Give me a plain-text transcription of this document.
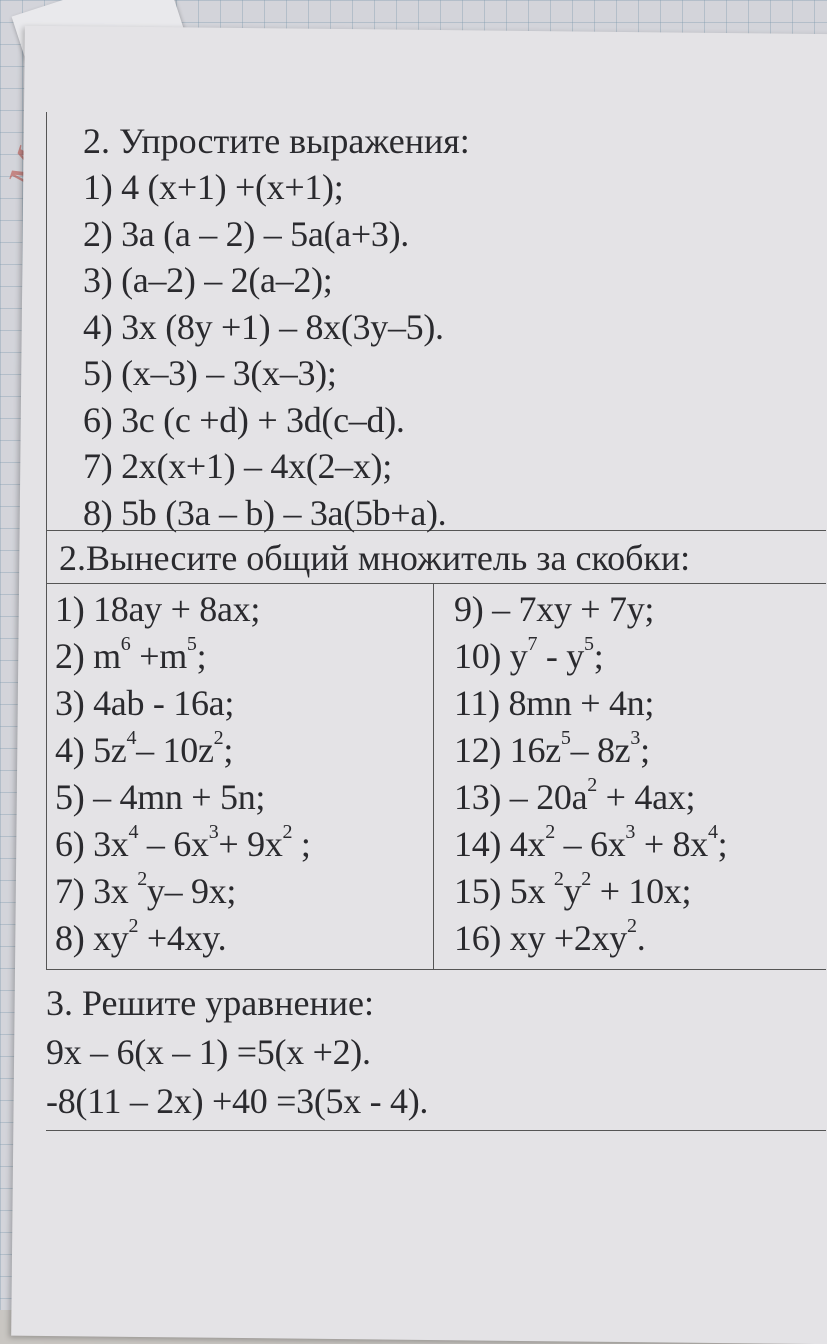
2. Упростите выражения:
1) 4 (x+1) +(x+1);
2) 3a (a – 2) – 5a(a+3).
3) (a–2) – 2(a–2);
4) 3x (8y +1) – 8x(3y–5).
5) (x–3) – 3(x–3);
6) 3c (c +d) + 3d(c–d).
7) 2x(x+1) – 4x(2–x);
8) 5b (3a – b) – 3a(5b+a).
2.Вынесите общий множитель за скобки:
1) 18ay + 8ax;
2) $m^6 +m^5$;
3) 4ab - 16a;
4) $5z^4-$ $10z^2$;
5) – 4mn + 5n;
6) $3x^4 - 6x^3+ 9x^2$ ;
7) 3x $^2$y– 9x;
8) $xy^2 +4xy$.
9) – 7xy + 7y;
10) $y^7 - y^5$;
11) 8mn + 4n;
12) $16z^5-$ $8z^3$;
$13) - 20a^2 + 4ax$;
14) $4x^2 - 6x^3 + 8x^4$;
15) 5x $^2y^2 + 10x$;
16) xy $+2xy^2$.
3. Решите уравнение:
9x – 6(x – 1) =5(x +2).
-8(11 – 2x) +40 =3(5x - 4).
